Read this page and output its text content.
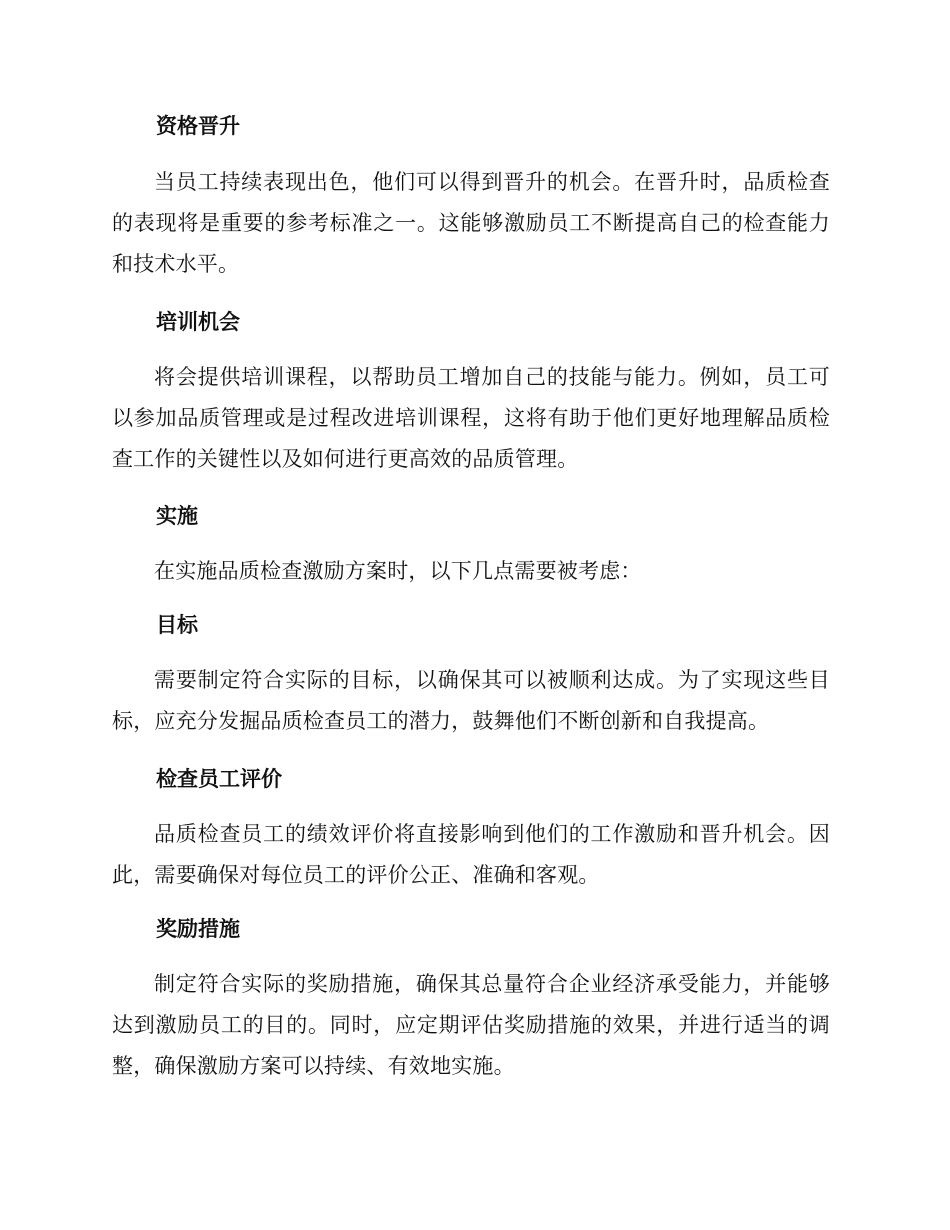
资格晋升

当员工持续表现出色，他们可以得到晋升的机会。在晋升时，品质检查的表现将是重要的参考标准之一。这能够激励员工不断提高自己的检查能力和技术水平。

培训机会

将会提供培训课程，以帮助员工增加自己的技能与能力。例如，员工可以参加品质管理或是过程改进培训课程，这将有助于他们更好地理解品质检查工作的关键性以及如何进行更高效的品质管理。

实施

在实施品质检查激励方案时，以下几点需要被考虑：

目标

需要制定符合实际的目标，以确保其可以被顺利达成。为了实现这些目标，应充分发掘品质检查员工的潜力，鼓舞他们不断创新和自我提高。

检查员工评价

品质检查员工的绩效评价将直接影响到他们的工作激励和晋升机会。因此，需要确保对每位员工的评价公正、准确和客观。

奖励措施

制定符合实际的奖励措施，确保其总量符合企业经济承受能力，并能够达到激励员工的目的。同时，应定期评估奖励措施的效果，并进行适当的调整，确保激励方案可以持续、有效地实施。
